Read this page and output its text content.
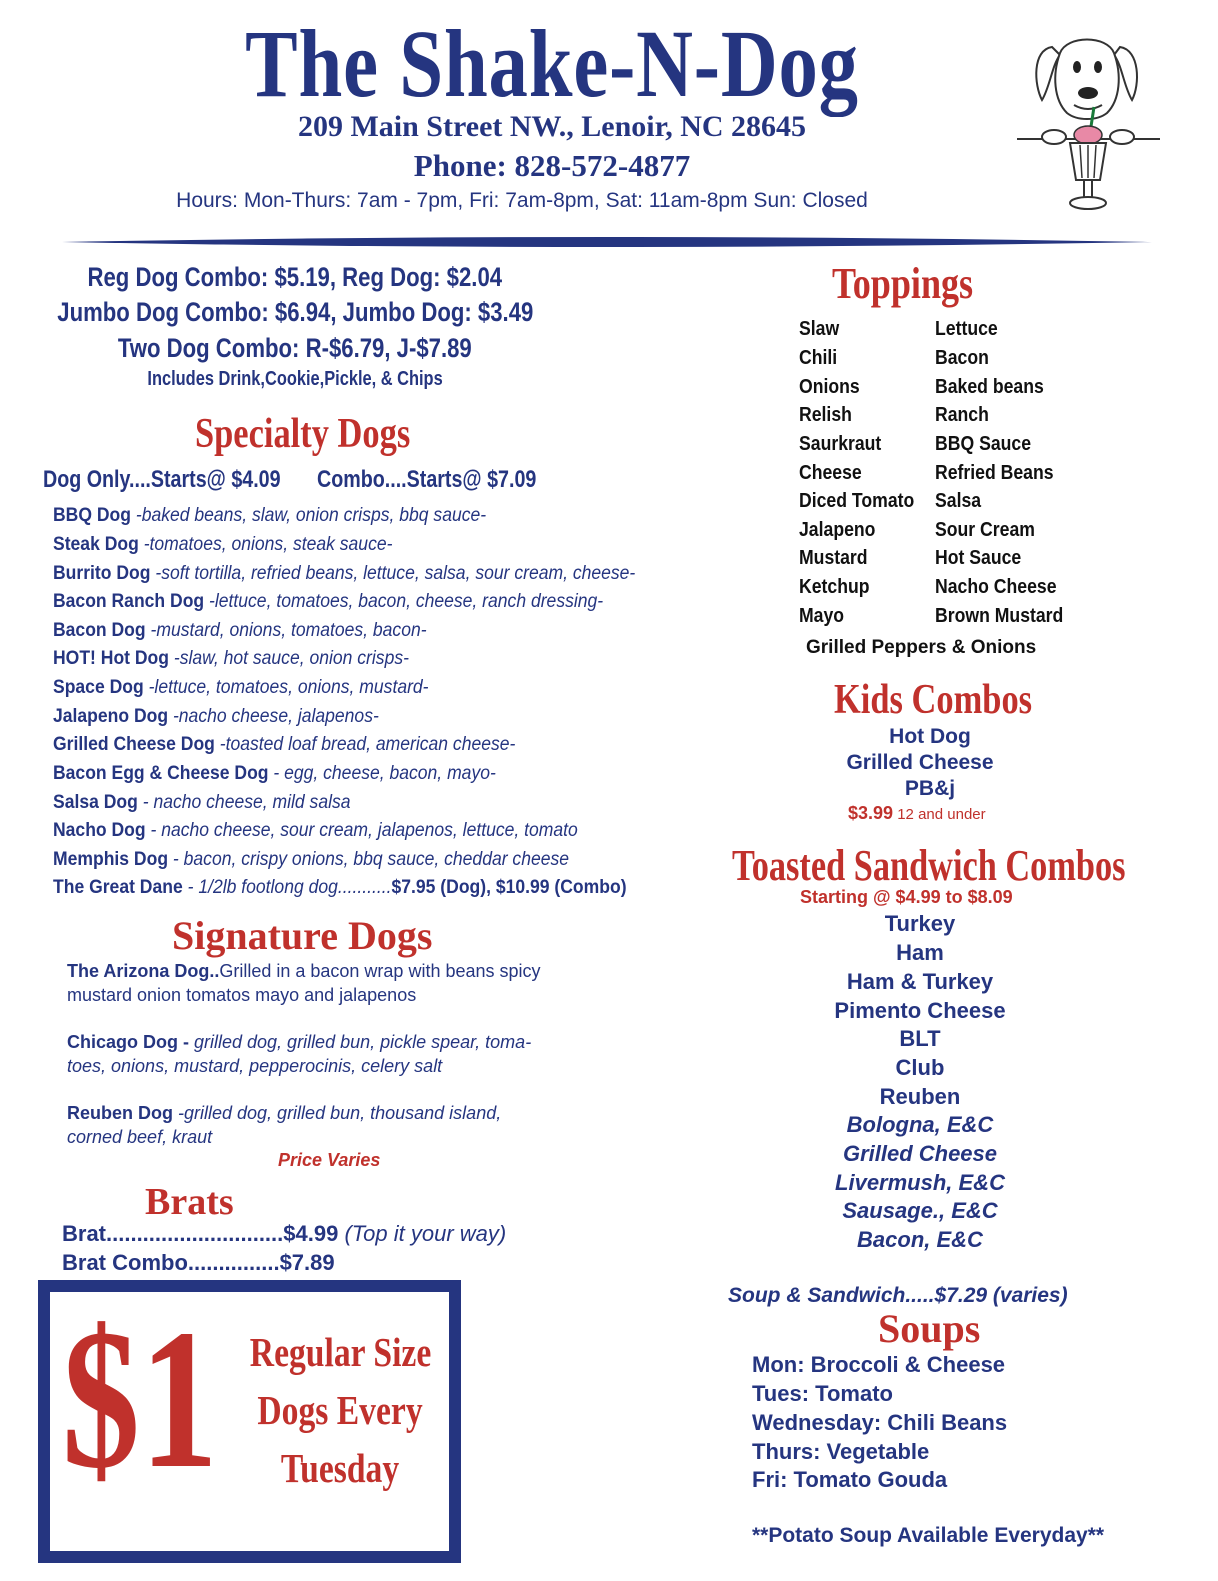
The Shake-N-Dog
209 Main Street NW., Lenoir, NC 28645
Phone: 828-572-4877
Hours: Mon-Thurs: 7am - 7pm, Fri: 7am-8pm, Sat: 11am-8pm Sun: Closed
Reg Dog Combo: $5.19, Reg Dog: $2.04
Jumbo Dog Combo: $6.94, Jumbo Dog: $3.49
Two Dog Combo: R-$6.79, J-$7.89
Includes Drink,Cookie,Pickle, & Chips
Specialty Dogs
Dog Only....Starts@ $4.09 Combo....Starts@ $7.09
BBQ Dog -baked beans, slaw, onion crisps, bbq sauce-
Steak Dog -tomatoes, onions, steak sauce-
Burrito Dog -soft tortilla, refried beans, lettuce, salsa, sour cream, cheese-
Bacon Ranch Dog -lettuce, tomatoes, bacon, cheese, ranch dressing-
Bacon Dog -mustard, onions, tomatoes, bacon-
HOT! Hot Dog -slaw, hot sauce, onion crisps-
Space Dog -lettuce, tomatoes, onions, mustard-
Jalapeno Dog -nacho cheese, jalapenos-
Grilled Cheese Dog -toasted loaf bread, american cheese-
Bacon Egg & Cheese Dog - egg, cheese, bacon, mayo-
Salsa Dog - nacho cheese, mild salsa
Nacho Dog - nacho cheese, sour cream, jalapenos, lettuce, tomato
Memphis Dog - bacon, crispy onions, bbq sauce, cheddar cheese
The Great Dane - 1/2lb footlong dog...........$7.95 (Dog), $10.99 (Combo)
Signature Dogs
The Arizona Dog..Grilled in a bacon wrap with beans spicy
mustard onion tomatos mayo and jalapenos
Chicago Dog - grilled dog, grilled bun, pickle spear, toma-
toes, onions, mustard, pepperocinis, celery salt
Reuben Dog -grilled dog, grilled bun, thousand island,
corned beef, kraut
Price Varies
Brats
Brat.............................$4.99 (Top it your way)
Brat Combo...............$7.89
$1 Regular Size
Dogs Every
Tuesday
Toppings
Slaw
Chili
Onions
Relish
Saurkraut
Cheese
Diced Tomato
Jalapeno
Mustard
Ketchup
Mayo
Lettuce
Bacon
Baked beans
Ranch
BBQ Sauce
Refried Beans
Salsa
Sour Cream
Hot Sauce
Nacho Cheese
Brown Mustard
Grilled Peppers & Onions
Kids Combos
Hot Dog
Grilled Cheese
PB&j
$3.99 12 and under
Toasted Sandwich Combos
Starting @ $4.99 to $8.09
Turkey
Ham
Ham & Turkey
Pimento Cheese
BLT
Club
Reuben
Bologna, E&C
Grilled Cheese
Livermush, E&C
Sausage., E&C
Bacon, E&C
Soup & Sandwich.....$7.29 (varies)
Soups
Mon: Broccoli & Cheese
Tues: Tomato
Wednesday: Chili Beans
Thurs: Vegetable
Fri: Tomato Gouda
**Potato Soup Available Everyday**
